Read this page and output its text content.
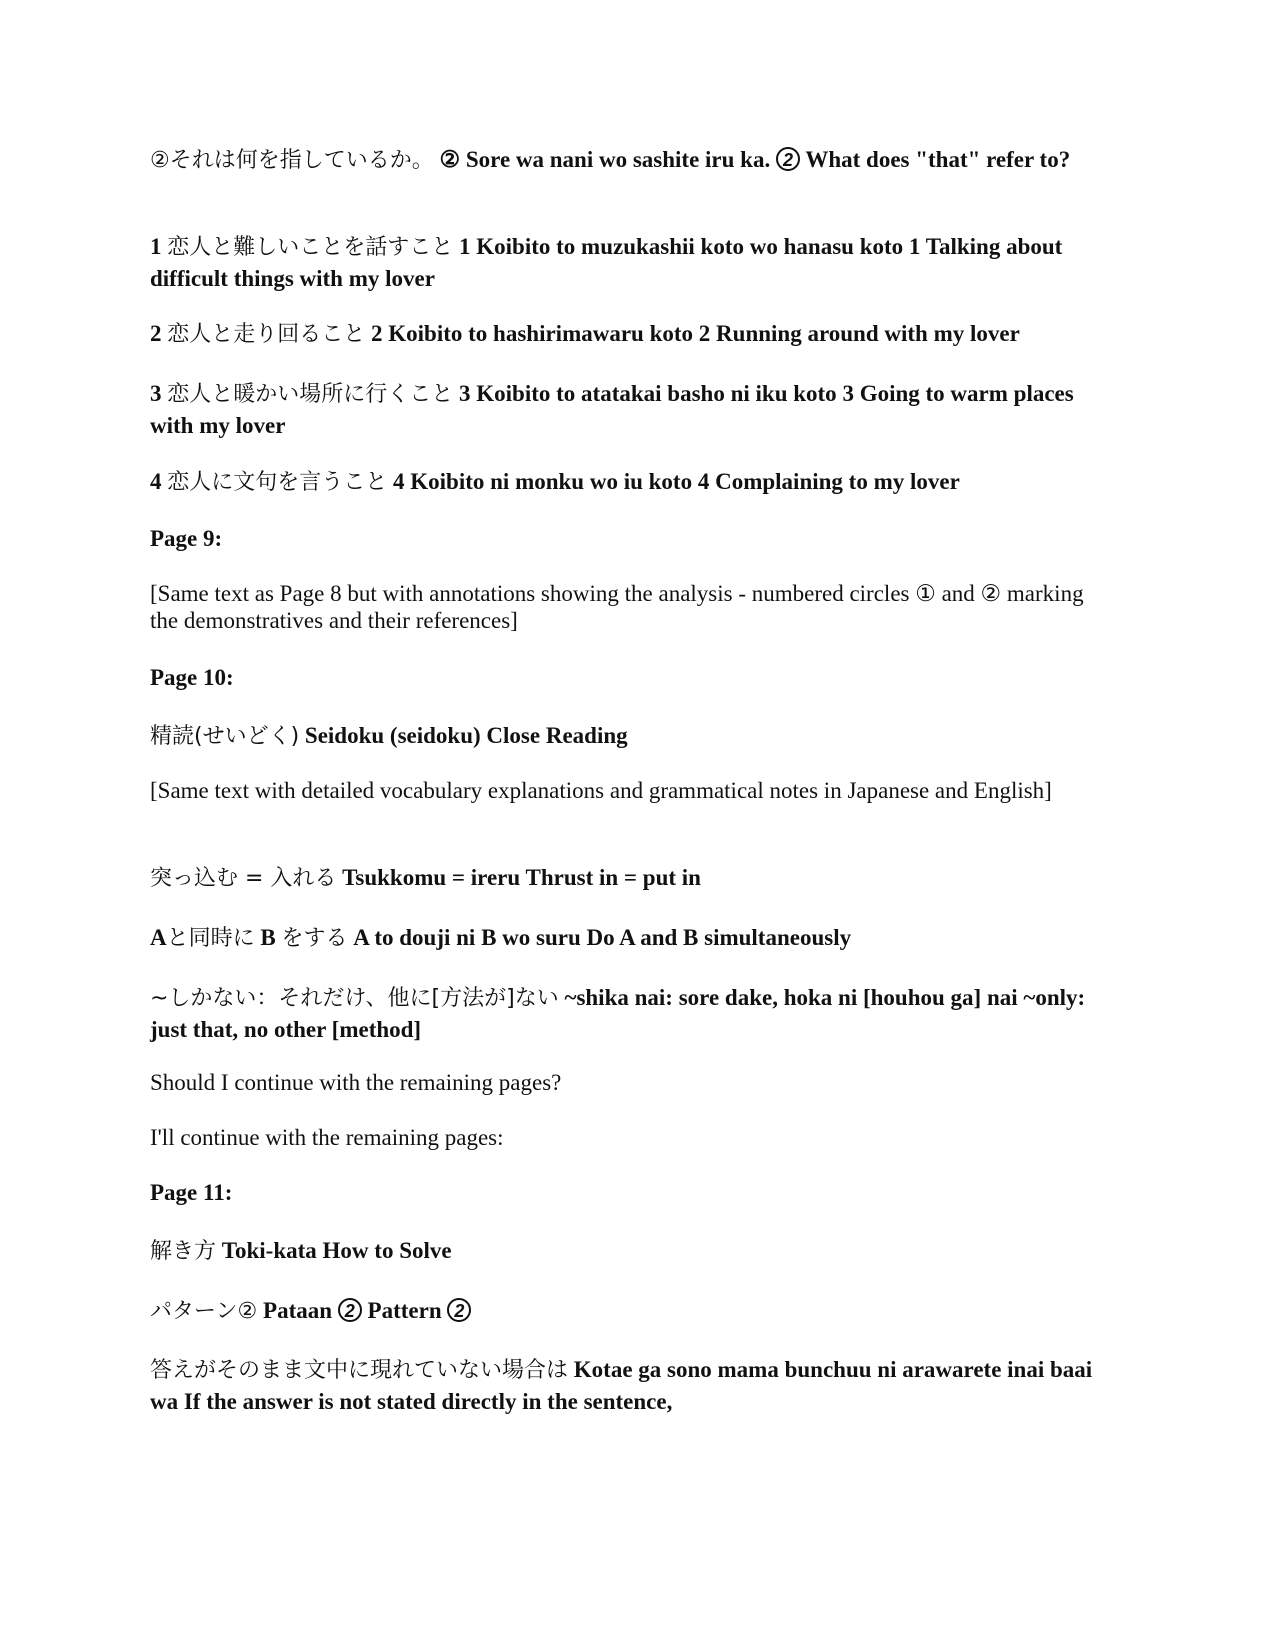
②それは何を指しているか。 ② Sore wa nani wo sashite iru ka. 2 What does "that" refer to?

1 恋人と難しいことを話すこと 1 Koibito to muzukashii koto wo hanasu koto 1 Talking about difficult things with my lover

2 恋人と走り回ること 2 Koibito to hashirimawaru koto 2 Running around with my lover

3 恋人と暖かい場所に行くこと 3 Koibito to atatakai basho ni iku koto 3 Going to warm places with my lover

4 恋人に文句を言うこと 4 Koibito ni monku wo iu koto 4 Complaining to my lover

Page 9:

[Same text as Page 8 but with annotations showing the analysis - numbered circles ① and ② marking the demonstratives and their references]

Page 10:

精読(せいどく) Seidoku (seidoku) Close Reading

[Same text with detailed vocabulary explanations and grammatical notes in Japanese and English]

突っ込む = 入れる Tsukkomu = ireru Thrust in = put in

Aと同時に B をする A to douji ni B wo suru Do A and B simultaneously

~しかない：それだけ、他に[方法が]ない ~shika nai: sore dake, hoka ni [houhou ga] nai ~only: just that, no other [method]

Should I continue with the remaining pages?

I'll continue with the remaining pages:

Page 11:

解き方 Toki-kata How to Solve

パターン② Pataan 2 Pattern 2

答えがそのまま文中に現れていない場合は Kotae ga sono mama bunchuu ni arawarete inai baai wa If the answer is not stated directly in the sentence,
